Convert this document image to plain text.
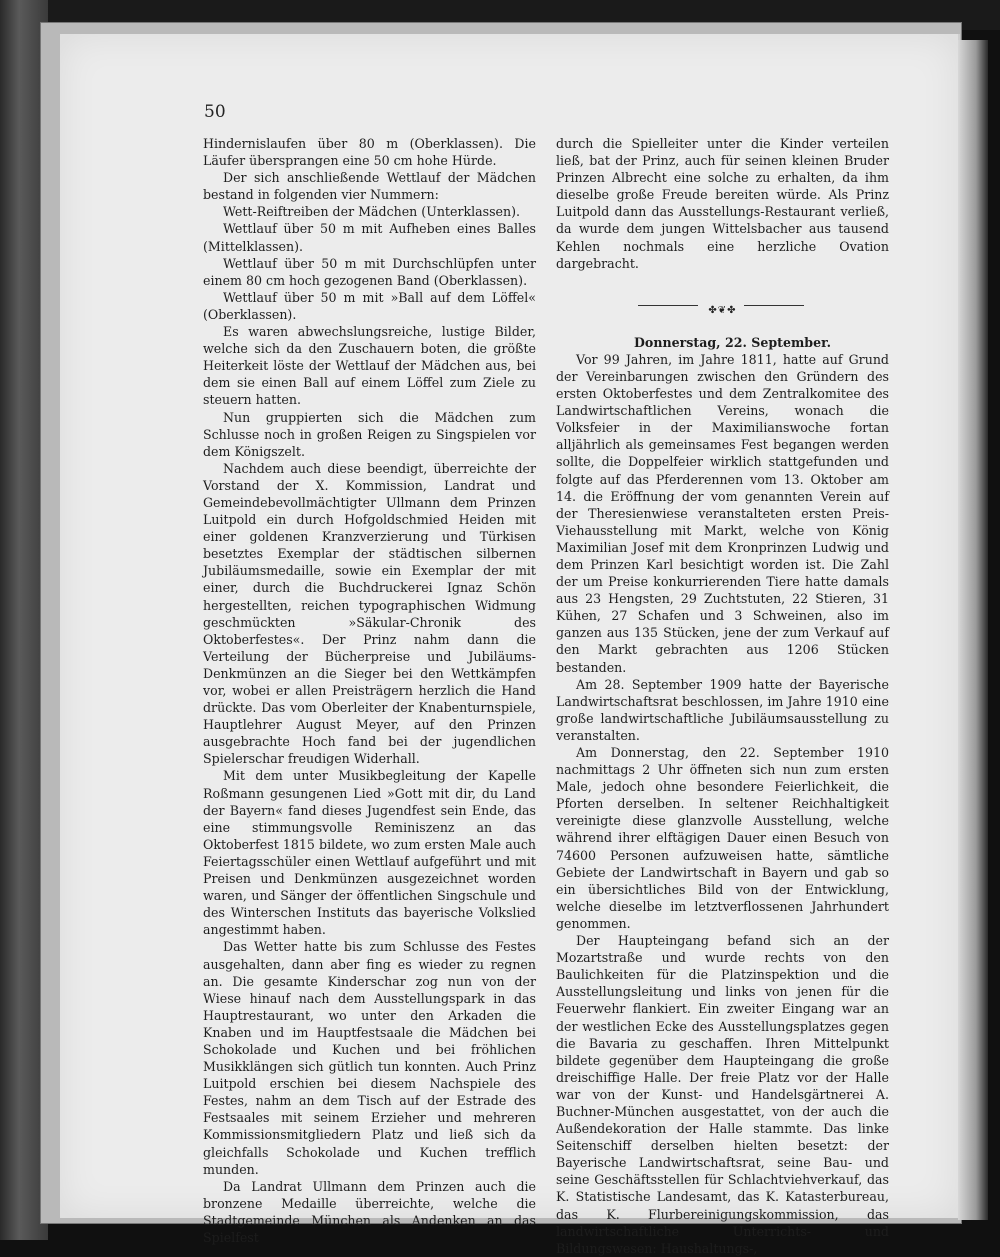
50

Hindernislaufen über 80 m (Oberklassen). Die Läufer übersprangen eine 50 cm hohe Hürde.

Der sich anschließende Wettlauf der Mädchen bestand in folgenden vier Nummern:

Wett-Reiftreiben der Mädchen (Unterklassen).

Wettlauf über 50 m mit Aufheben eines Balles (Mittelklassen).

Wettlauf über 50 m mit Durchschlüpfen unter einem 80 cm hoch gezogenen Band (Oberklassen).

Wettlauf über 50 m mit »Ball auf dem Löffel« (Oberklassen).

Es waren abwechslungsreiche, lustige Bilder, welche sich da den Zuschauern boten, die größte Heiterkeit löste der Wettlauf der Mädchen aus, bei dem sie einen Ball auf einem Löffel zum Ziele zu steuern hatten.

Nun gruppierten sich die Mädchen zum Schlusse noch in großen Reigen zu Singspielen vor dem Königszelt.

Nachdem auch diese beendigt, überreichte der Vorstand der X. Kommission, Landrat und Gemeindebevollmächtigter Ullmann dem Prinzen Luitpold ein durch Hofgoldschmied Heiden mit einer goldenen Kranzverzierung und Türkisen besetztes Exemplar der städtischen silbernen Jubiläumsmedaille, sowie ein Exemplar der mit einer, durch die Buchdruckerei Ignaz Schön hergestellten, reichen typographischen Widmung geschmückten »Säkular-Chronik des Oktoberfestes«. Der Prinz nahm dann die Verteilung der Bücherpreise und Jubiläums-Denkmünzen an die Sieger bei den Wettkämpfen vor, wobei er allen Preisträgern herzlich die Hand drückte. Das vom Oberleiter der Knabenturnspiele, Hauptlehrer August Meyer, auf den Prinzen ausgebrachte Hoch fand bei der jugendlichen Spielerschar freudigen Widerhall.

Mit dem unter Musikbegleitung der Kapelle Roßmann gesungenen Lied »Gott mit dir, du Land der Bayern« fand dieses Jugendfest sein Ende, das eine stimmungsvolle Reminiszenz an das Oktoberfest 1815 bildete, wo zum ersten Male auch Feiertagsschüler einen Wettlauf aufgeführt und mit Preisen und Denkmünzen ausgezeichnet worden waren, und Sänger der öffentlichen Singschule und des Winterschen Instituts das bayerische Volkslied angestimmt haben.

Das Wetter hatte bis zum Schlusse des Festes ausgehalten, dann aber fing es wieder zu regnen an. Die gesamte Kinderschar zog nun von der Wiese hinauf nach dem Ausstellungspark in das Hauptrestaurant, wo unter den Arkaden die Knaben und im Hauptfestsaale die Mädchen bei Schokolade und Kuchen und bei fröhlichen Musikklängen sich gütlich tun konnten. Auch Prinz Luitpold erschien bei diesem Nachspiele des Festes, nahm an dem Tisch auf der Estrade des Festsaales mit seinem Erzieher und mehreren Kommissionsmitgliedern Platz und ließ sich da gleichfalls Schokolade und Kuchen trefflich munden.

Da Landrat Ullmann dem Prinzen auch die bronzene Medaille überreichte, welche die Stadtgemeinde München als Andenken an das Spielfest

durch die Spielleiter unter die Kinder verteilen ließ, bat der Prinz, auch für seinen kleinen Bruder Prinzen Albrecht eine solche zu erhalten, da ihm dieselbe große Freude bereiten würde. Als Prinz Luitpold dann das Ausstellungs-Restaurant verließ, da wurde dem jungen Wittelsbacher aus tausend Kehlen nochmals eine herzliche Ovation dargebracht.

✤❦✤

Donnerstag, 22. September.

Vor 99 Jahren, im Jahre 1811, hatte auf Grund der Vereinbarungen zwischen den Gründern des ersten Oktoberfestes und dem Zentralkomitee des Landwirtschaftlichen Vereins, wonach die Volksfeier in der Maximilianswoche fortan alljährlich als gemeinsames Fest begangen werden sollte, die Doppelfeier wirklich stattgefunden und folgte auf das Pferderennen vom 13. Oktober am 14. die Eröffnung der vom genannten Verein auf der Theresienwiese veranstalteten ersten Preis-Viehausstellung mit Markt, welche von König Maximilian Josef mit dem Kronprinzen Ludwig und dem Prinzen Karl besichtigt worden ist. Die Zahl der um Preise konkurrierenden Tiere hatte damals aus 23 Hengsten, 29 Zuchtstuten, 22 Stieren, 31 Kühen, 27 Schafen und 3 Schweinen, also im ganzen aus 135 Stücken, jene der zum Verkauf auf den Markt gebrachten aus 1206 Stücken bestanden.

Am 28. September 1909 hatte der Bayerische Landwirtschaftsrat beschlossen, im Jahre 1910 eine große landwirtschaftliche Jubiläumsausstellung zu veranstalten.

Am Donnerstag, den 22. September 1910 nachmittags 2 Uhr öffneten sich nun zum ersten Male, jedoch ohne besondere Feierlichkeit, die Pforten derselben. In seltener Reichhaltigkeit vereinigte diese glanzvolle Ausstellung, welche während ihrer elftägigen Dauer einen Besuch von 74600 Personen aufzuweisen hatte, sämtliche Gebiete der Landwirtschaft in Bayern und gab so ein übersichtliches Bild von der Entwicklung, welche dieselbe im letztverflossenen Jahrhundert genommen.

Der Haupteingang befand sich an der Mozartstraße und wurde rechts von den Baulichkeiten für die Platzinspektion und die Ausstellungsleitung und links von jenen für die Feuerwehr flankiert. Ein zweiter Eingang war an der westlichen Ecke des Ausstellungsplatzes gegen die Bavaria zu geschaffen. Ihren Mittelpunkt bildete gegenüber dem Haupteingang die große dreischiffige Halle. Der freie Platz vor der Halle war von der Kunst- und Handelsgärtnerei A. Buchner-München ausgestattet, von der auch die Außendekoration der Halle stammte. Das linke Seitenschiff derselben hielten besetzt: der Bayerische Landwirtschaftsrat, seine Bau- und seine Geschäftsstellen für Schlachtviehverkauf, das K. Statistische Landesamt, das K. Katasterbureau, das K. Flurbereinigungskommission, das landwirtschaftliche Unterrichts- und Bildungswesen: Haushaltungs-,
